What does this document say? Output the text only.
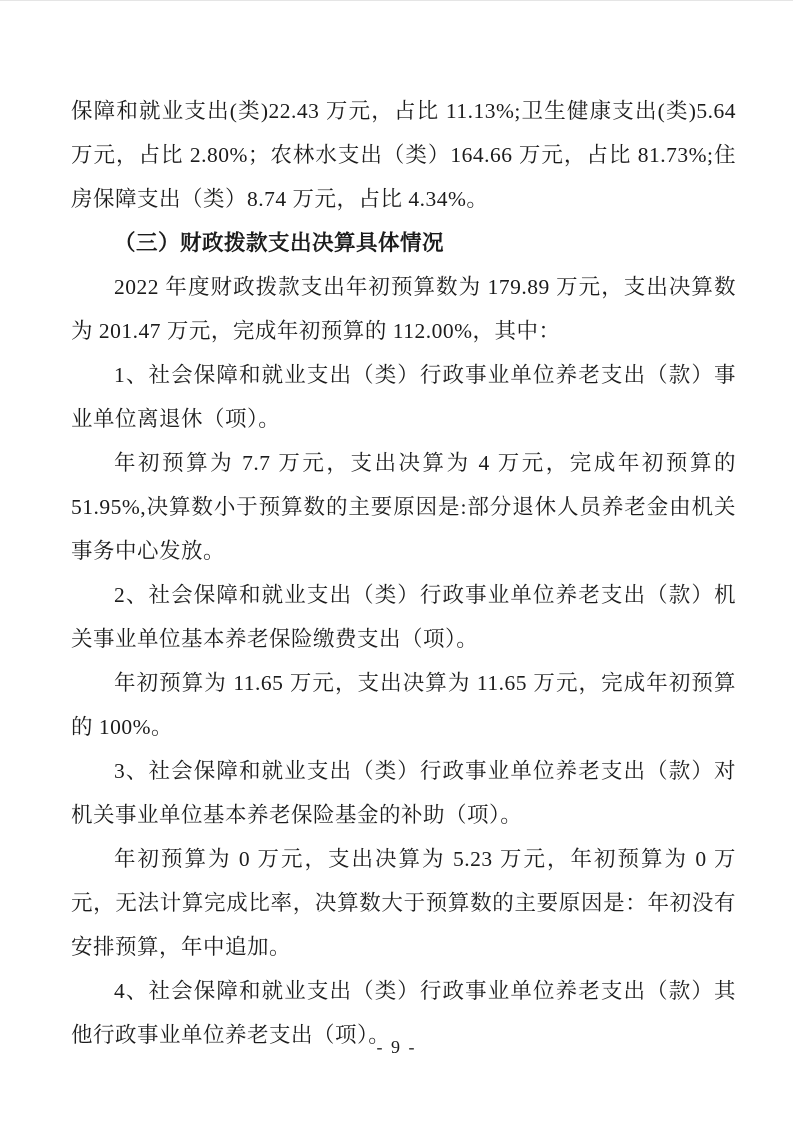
保障和就业支出(类)22.43 万元，占比 11.13%;卫生健康支出(类)5.64 万元，占比 2.80%；农林水支出（类）164.66 万元，占比 81.73%;住房保障支出（类）8.74 万元，占比 4.34%。

（三）财政拨款支出决算具体情况

2022 年度财政拨款支出年初预算数为 179.89 万元，支出决算数为 201.47 万元，完成年初预算的 112.00%，其中：

1、社会保障和就业支出（类）行政事业单位养老支出（款）事业单位离退休（项）。

年初预算为 7.7 万元，支出决算为 4 万元，完成年初预算的 51.95%,决算数小于预算数的主要原因是:部分退休人员养老金由机关事务中心发放。

2、社会保障和就业支出（类）行政事业单位养老支出（款）机关事业单位基本养老保险缴费支出（项）。

年初预算为 11.65 万元，支出决算为 11.65 万元，完成年初预算的 100%。

3、社会保障和就业支出（类）行政事业单位养老支出（款）对机关事业单位基本养老保险基金的补助（项）。

年初预算为 0 万元，支出决算为 5.23 万元，年初预算为 0 万元，无法计算完成比率，决算数大于预算数的主要原因是：年初没有安排预算，年中追加。

4、社会保障和就业支出（类）行政事业单位养老支出（款）其他行政事业单位养老支出（项）。

- 9 -
